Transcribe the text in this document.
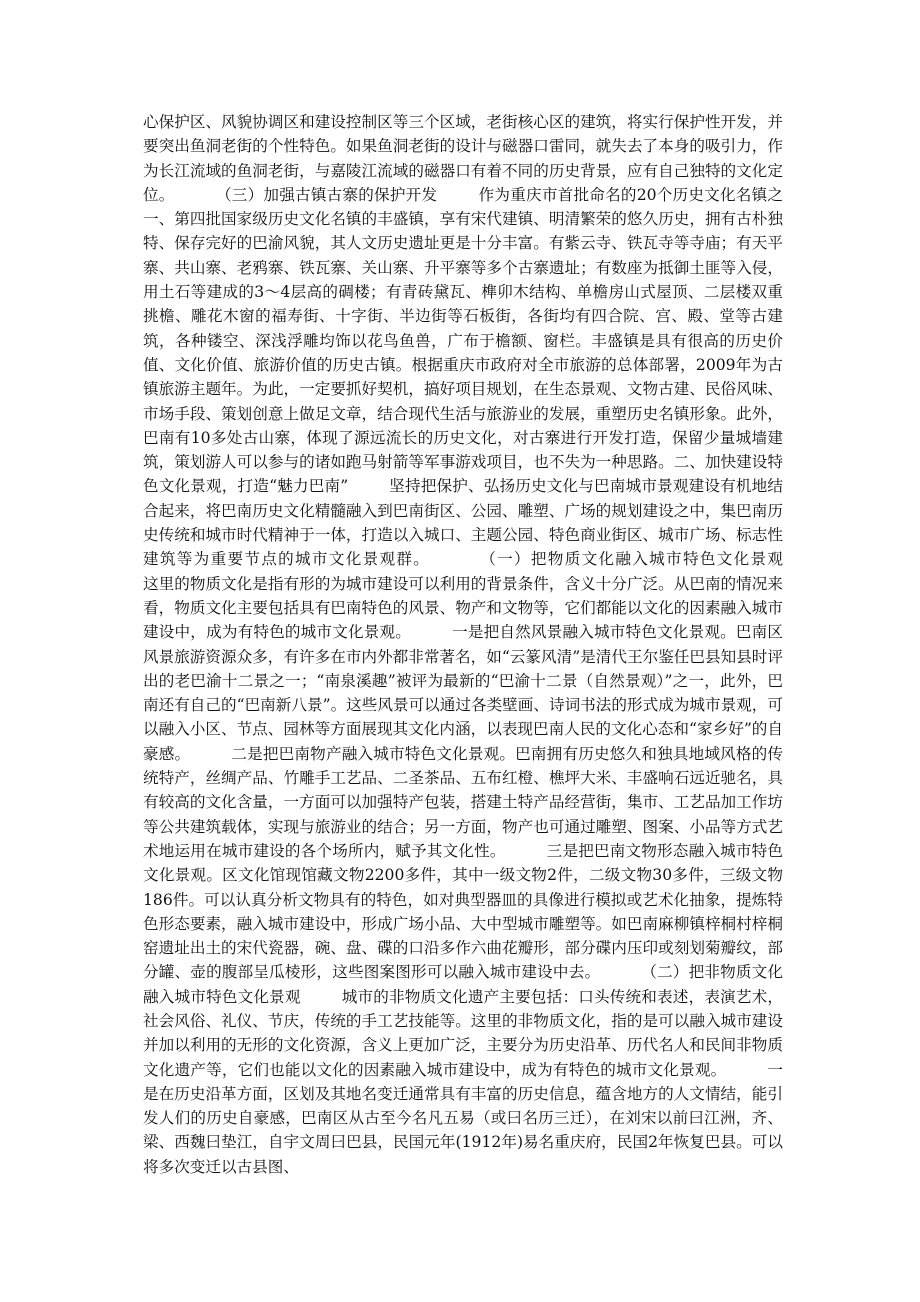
心保护区、风貌协调区和建设控制区等三个区域，老街核心区的建筑，将实行保护性开发，并要突出鱼洞老街的个性特色。如果鱼洞老街的设计与磁器口雷同，就失去了本身的吸引力，作为长江流域的鱼洞老街，与嘉陵江流域的磁器口有着不同的历史背景，应有自己独特的文化定位。        （三）加强古镇古寨的保护开发        作为重庆市首批命名的20个历史文化名镇之一、第四批国家级历史文化名镇的丰盛镇，享有宋代建镇、明清繁荣的悠久历史，拥有古朴独特、保存完好的巴渝风貌，其人文历史遗址更是十分丰富。有紫云寺、铁瓦寺等寺庙；有天平寨、共山寨、老鸦寨、铁瓦寨、关山寨、升平寨等多个古寨遗址；有数座为抵御土匪等入侵，用土石等建成的3～4层高的碉楼；有青砖黛瓦、榫卯木结构、单檐房山式屋顶、二层楼双重挑檐、雕花木窗的福寿街、十字街、半边街等石板街，各街均有四合院、宫、殿、堂等古建筑，各种镂空、深浅浮雕均饰以花鸟鱼兽，广布于檐额、窗栏。丰盛镇是具有很高的历史价值、文化价值、旅游价值的历史古镇。根据重庆市政府对全市旅游的总体部署，2009年为古镇旅游主题年。为此，一定要抓好契机，搞好项目规划，在生态景观、文物古建、民俗风味、市场手段、策划创意上做足文章，结合现代生活与旅游业的发展，重塑历史名镇形象。此外，巴南有10多处古山寨，体现了源远流长的历史文化，对古寨进行开发打造，保留少量城墙建筑，策划游人可以参与的诸如跑马射箭等军事游戏项目，也不失为一种思路。二、加快建设特色文化景观，打造“魅力巴南”        坚持把保护、弘扬历史文化与巴南城市景观建设有机地结合起来，将巴南历史文化精髓融入到巴南街区、公园、雕塑、广场的规划建设之中，集巴南历史传统和城市时代精神于一体，打造以入城口、主题公园、特色商业街区、城市广场、标志性建筑等为重要节点的城市文化景观群。        （一）把物质文化融入城市特色文化景观        这里的物质文化是指有形的为城市建设可以利用的背景条件，含义十分广泛。从巴南的情况来看，物质文化主要包括具有巴南特色的风景、物产和文物等，它们都能以文化的因素融入城市建设中，成为有特色的城市文化景观。        一是把自然风景融入城市特色文化景观。巴南区风景旅游资源众多，有许多在市内外都非常著名，如“云篆风清”是清代王尔鉴任巴县知县时评出的老巴渝十二景之一；“南泉溪趣”被评为最新的“巴渝十二景（自然景观）”之一，此外，巴南还有自己的“巴南新八景”。这些风景可以通过各类壁画、诗词书法的形式成为城市景观，可以融入小区、节点、园林等方面展现其文化内涵，以表现巴南人民的文化心态和“家乡好”的自豪感。        二是把巴南物产融入城市特色文化景观。巴南拥有历史悠久和独具地域风格的传统特产，丝绸产品、竹雕手工艺品、二圣茶品、五布红橙、樵坪大米、丰盛响石远近驰名，具有较高的文化含量，一方面可以加强特产包装，搭建土特产品经营街，集市、工艺品加工作坊等公共建筑载体，实现与旅游业的结合；另一方面，物产也可通过雕塑、图案、小品等方式艺术地运用在城市建设的各个场所内，赋予其文化性。        三是把巴南文物形态融入城市特色文化景观。区文化馆现馆藏文物2200多件，其中一级文物2件，二级文物30多件，三级文物186件。可以认真分析文物具有的特色，如对典型器皿的具像进行模拟或艺术化抽象，提炼特色形态要素，融入城市建设中，形成广场小品、大中型城市雕塑等。如巴南麻柳镇梓桐村梓桐窑遗址出土的宋代瓷器，碗、盘、碟的口沿多作六曲花瓣形，部分碟内压印或刻划菊瓣纹，部分罐、壶的腹部呈瓜棱形，这些图案图形可以融入城市建设中去。        （二）把非物质文化融入城市特色文化景观        城市的非物质文化遗产主要包括：口头传统和表述，表演艺术，社会风俗、礼仪、节庆，传统的手工艺技能等。这里的非物质文化，指的是可以融入城市建设并加以利用的无形的文化资源，含义上更加广泛，主要分为历史沿革、历代名人和民间非物质文化遗产等，它们也能以文化的因素融入城市建设中，成为有特色的城市文化景观。        一是在历史沿革方面，区划及其地名变迁通常具有丰富的历史信息，蕴含地方的人文情结，能引发人们的历史自豪感，巴南区从古至今名凡五易（或曰名历三迁），在刘宋以前曰江洲，齐、梁、西魏曰垫江，自宇文周曰巴县，民国元年(1912年)易名重庆府，民国2年恢复巴县。可以将多次变迁以古县图、
